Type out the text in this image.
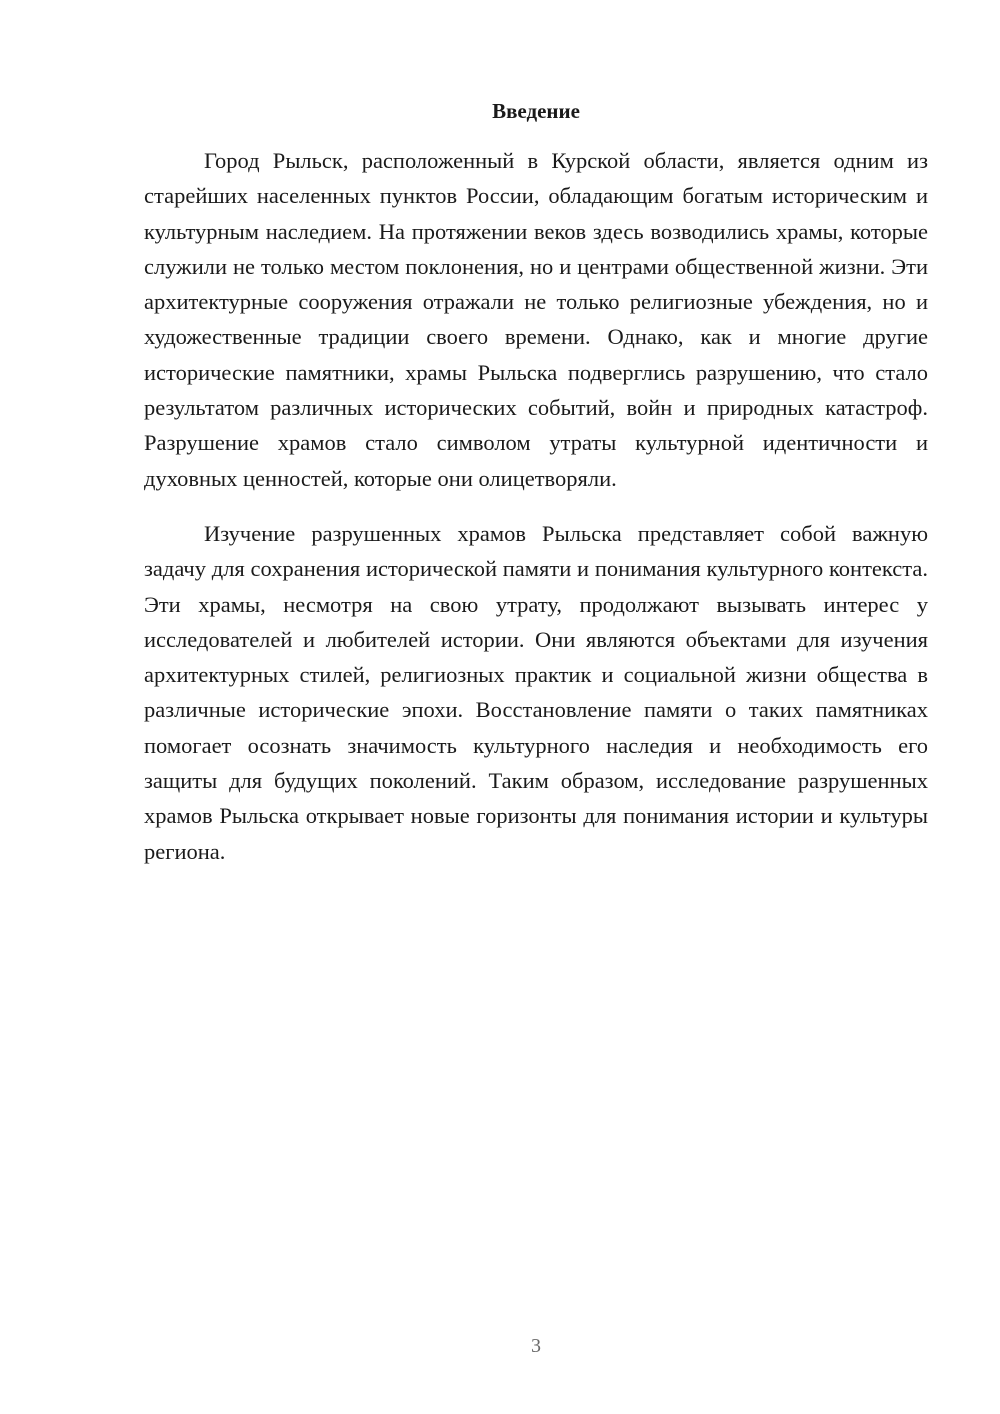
Введение

Город Рыльск, расположенный в Курской области, является одним из старейших населенных пунктов России, обладающим богатым историческим и культурным наследием. На протяжении веков здесь возводились храмы, которые служили не только местом поклонения, но и центрами общественной жизни. Эти архитектурные сооружения отражали не только религиозные убеждения, но и художественные традиции своего времени. Однако, как и многие другие исторические памятники, храмы Рыльска подверглись разрушению, что стало результатом различных исторических событий, войн и природных катастроф. Разрушение храмов стало символом утраты культурной идентичности и духовных ценностей, которые они олицетворяли.

Изучение разрушенных храмов Рыльска представляет собой важную задачу для сохранения исторической памяти и понимания культурного контекста. Эти храмы, несмотря на свою утрату, продолжают вызывать интерес у исследователей и любителей истории. Они являются объектами для изучения архитектурных стилей, религиозных практик и социальной жизни общества в различные исторические эпохи. Восстановление памяти о таких памятниках помогает осознать значимость культурного наследия и необходимость его защиты для будущих поколений. Таким образом, исследование разрушенных храмов Рыльска открывает новые горизонты для понимания истории и культуры региона.

3
